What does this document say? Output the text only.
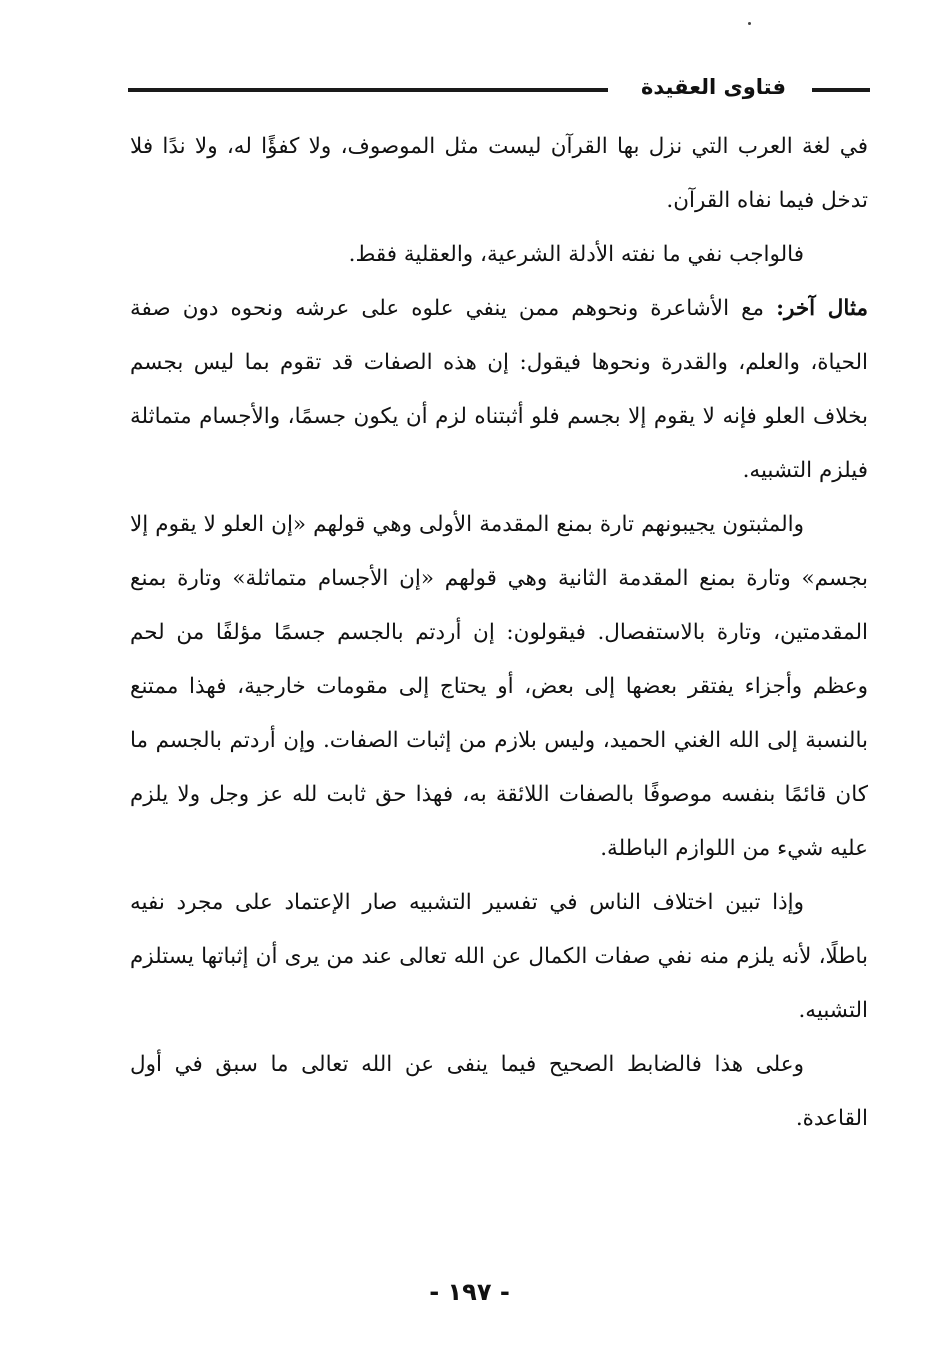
فتاوى العقيدة

في لغة العرب التي نزل بها القرآن ليست مثل الموصوف، ولا كفؤًا له، ولا ندًا فلا تدخل فيما نفاه القرآن.

فالواجب نفي ما نفته الأدلة الشرعية، والعقلية فقط.

مثال آخر: مع الأشاعرة ونحوهم ممن ينفي علوه على عرشه ونحوه دون صفة الحياة، والعلم، والقدرة ونحوها فيقول: إن هذه الصفات قد تقوم بما ليس بجسم بخلاف العلو فإنه لا يقوم إلا بجسم فلو أثبتناه لزم أن يكون جسمًا، والأجسام متماثلة فيلزم التشبيه.

والمثبتون يجيبونهم تارة بمنع المقدمة الأولى وهي قولهم «إن العلو لا يقوم إلا بجسم» وتارة بمنع المقدمة الثانية وهي قولهم «إن الأجسام متماثلة» وتارة بمنع المقدمتين، وتارة بالاستفصال. فيقولون: إن أردتم بالجسم جسمًا مؤلفًا من لحم وعظم وأجزاء يفتقر بعضها إلى بعض، أو يحتاج إلى مقومات خارجية، فهذا ممتنع بالنسبة إلى الله الغني الحميد، وليس بلازم من إثبات الصفات. وإن أردتم بالجسم ما كان قائمًا بنفسه موصوفًا بالصفات اللائقة به، فهذا حق ثابت لله عز وجل ولا يلزم عليه شيء من اللوازم الباطلة.

وإذا تبين اختلاف الناس في تفسير التشبيه صار الإعتماد على مجرد نفيه باطلًا، لأنه يلزم منه نفي صفات الكمال عن الله تعالى عند من يرى أن إثباتها يستلزم التشبيه.

وعلى هذا فالضابط الصحيح فيما ينفى عن الله تعالى ما سبق في أول القاعدة.

- ١٩٧ -
